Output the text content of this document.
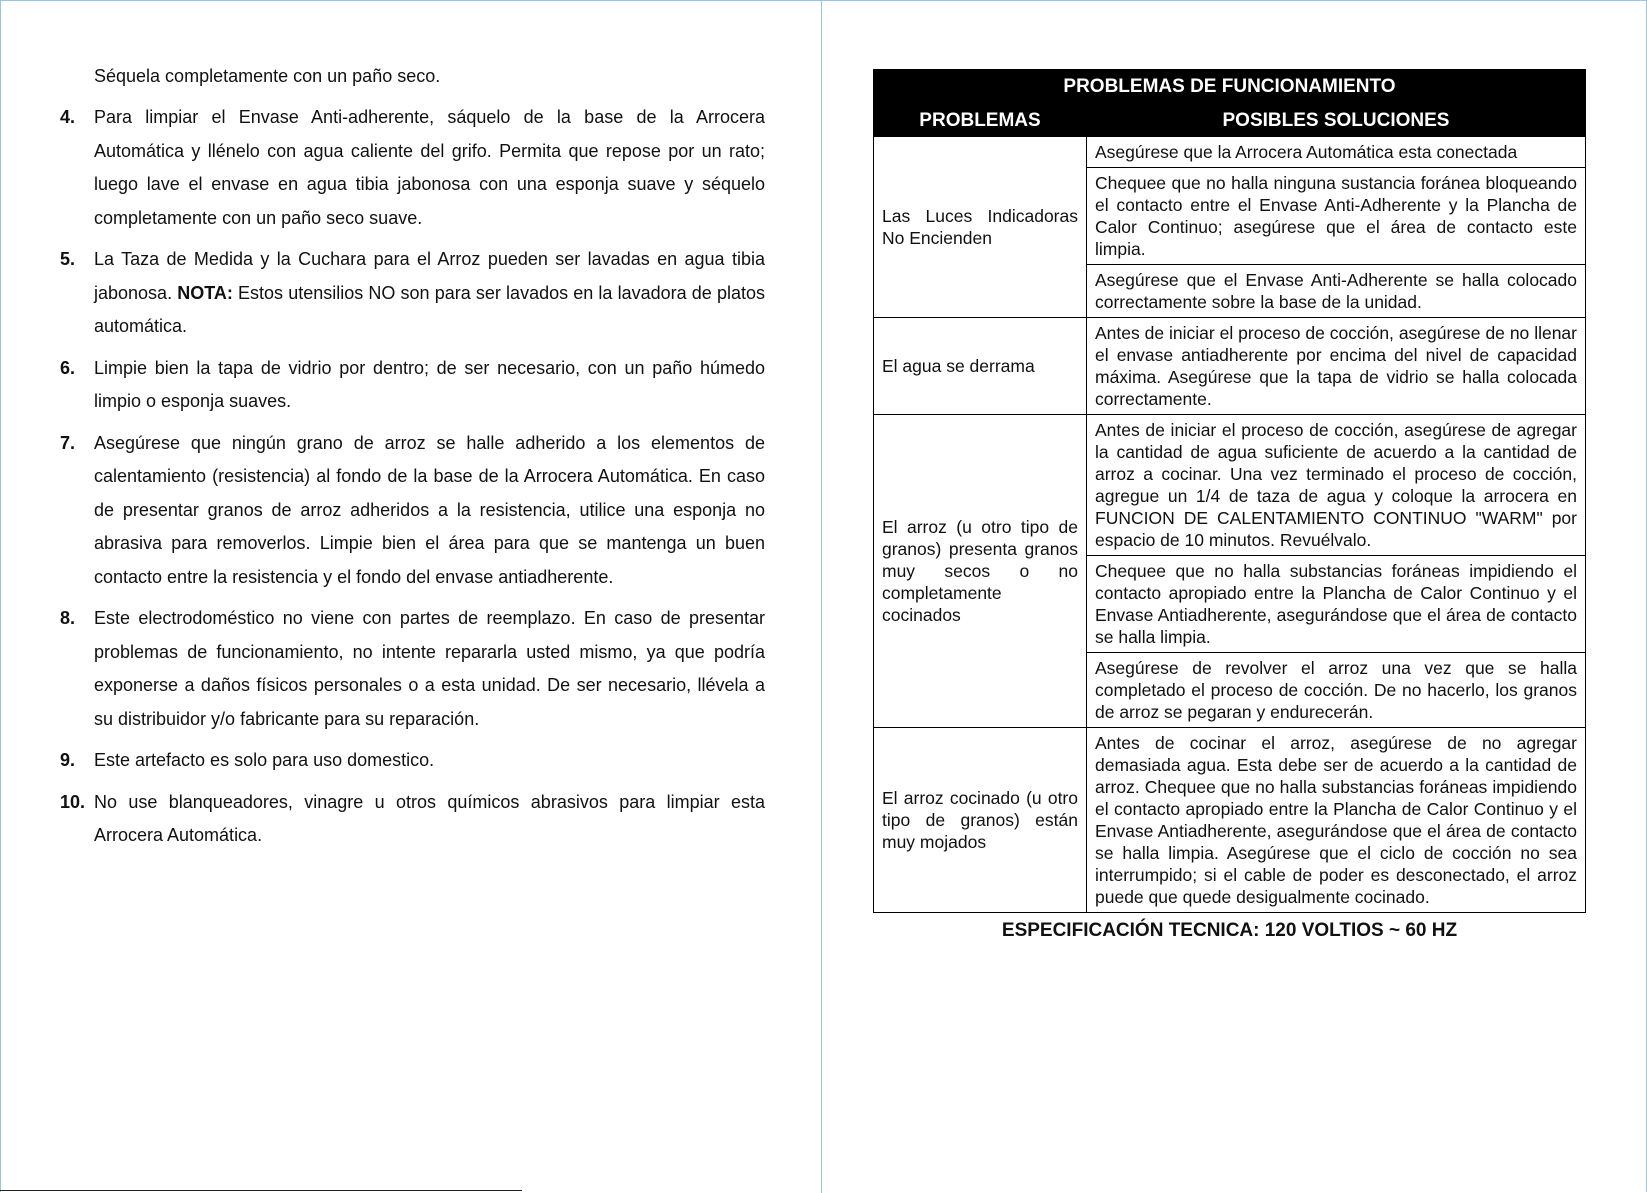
Séquela completamente con un paño seco.
4.	Para limpiar el Envase Anti-adherente, sáquelo de la base de la Arrocera Automática y llénelo con agua caliente del grifo. Permita que repose por un rato; luego lave el envase en agua tibia jabonosa con una esponja suave y séquelo completamente con un paño seco suave.
5.	La Taza de Medida y la Cuchara para el Arroz pueden ser lavadas en agua tibia jabonosa. NOTA: Estos utensilios NO son para ser lavados en la lavadora de platos automática.
6.	Limpie bien la tapa de vidrio por dentro; de ser necesario, con un paño húmedo limpio o esponja suaves.
7.	Asegúrese que ningún grano de arroz se halle adherido a los elementos de calentamiento (resistencia) al fondo de la base de la Arrocera Automática. En caso de presentar granos de arroz adheridos a la resistencia, utilice una esponja no abrasiva para removerlos. Limpie bien el área para que se mantenga un buen contacto entre la resistencia y el fondo del envase antiadherente.
8.	Este electrodoméstico no viene con partes de reemplazo. En caso de presentar problemas de funcionamiento, no intente repararla usted mismo, ya que podría exponerse a daños físicos personales o a esta unidad. De ser necesario, llévela a su distribuidor y/o fabricante para su reparación.
9.	Este artefacto es solo para uso domestico.
10. No use blanqueadores, vinagre u otros químicos abrasivos para limpiar esta Arrocera Automática.
PROBLEMAS DE FUNCIONAMIENTO	
PROBLEMAS	POSIBLES SOLUCIONES
Las Luces Indicadoras No Encienden	Asegúrese que la Arrocera Automática esta conectada
	Chequee que no halla ninguna sustancia foránea bloqueando el contacto entre el Envase Anti-Adherente y la Plancha de Calor Continuo; asegúrese que el área de contacto este limpia.
	Asegúrese que el Envase Anti-Adherente se halla colocado correctamente sobre la base de la unidad.
El agua se derrama	Antes de iniciar el proceso de cocción, asegúrese de no llenar el envase antiadherente por encima del nivel de capacidad máxima. Asegúrese que la tapa de vidrio se halla colocada correctamente.
El arroz (u otro tipo de granos) presenta granos muy secos o no completamente cocinados	Antes de iniciar el proceso de cocción, asegúrese de agregar la cantidad de agua suficiente de acuerdo a la cantidad de arroz a cocinar. Una vez terminado el proceso de cocción, agregue un 1/4 de taza de agua y coloque la arrocera en FUNCION DE CALENTAMIENTO CONTINUO "WARM" por espacio de 10 minutos. Revuélvalo.
	Chequee que no halla substancias foráneas impidiendo el contacto apropiado entre la Plancha de Calor Continuo y el Envase Antiadherente, asegurándose que el área de contacto se halla limpia.
	Asegúrese de revolver el arroz una vez que se halla completado el proceso de cocción. De no hacerlo, los granos de arroz se pegaran y endurecerán.
El arroz cocinado (u otro tipo de granos) están muy mojados	Antes de cocinar el arroz, asegúrese de no agregar demasiada agua. Esta debe ser de acuerdo a la cantidad de arroz. Chequee que no halla substancias foráneas impidiendo el contacto apropiado entre la Plancha de Calor Continuo y el Envase Antiadherente, asegurándose que el área de contacto se halla limpia. Asegúrese que el ciclo de cocción no sea interrumpido; si el cable de poder es desconectado, el arroz puede que quede desigualmente cocinado.
ESPECIFICACIÓN TECNICA: 120 VOLTIOS ~ 60 HZ
